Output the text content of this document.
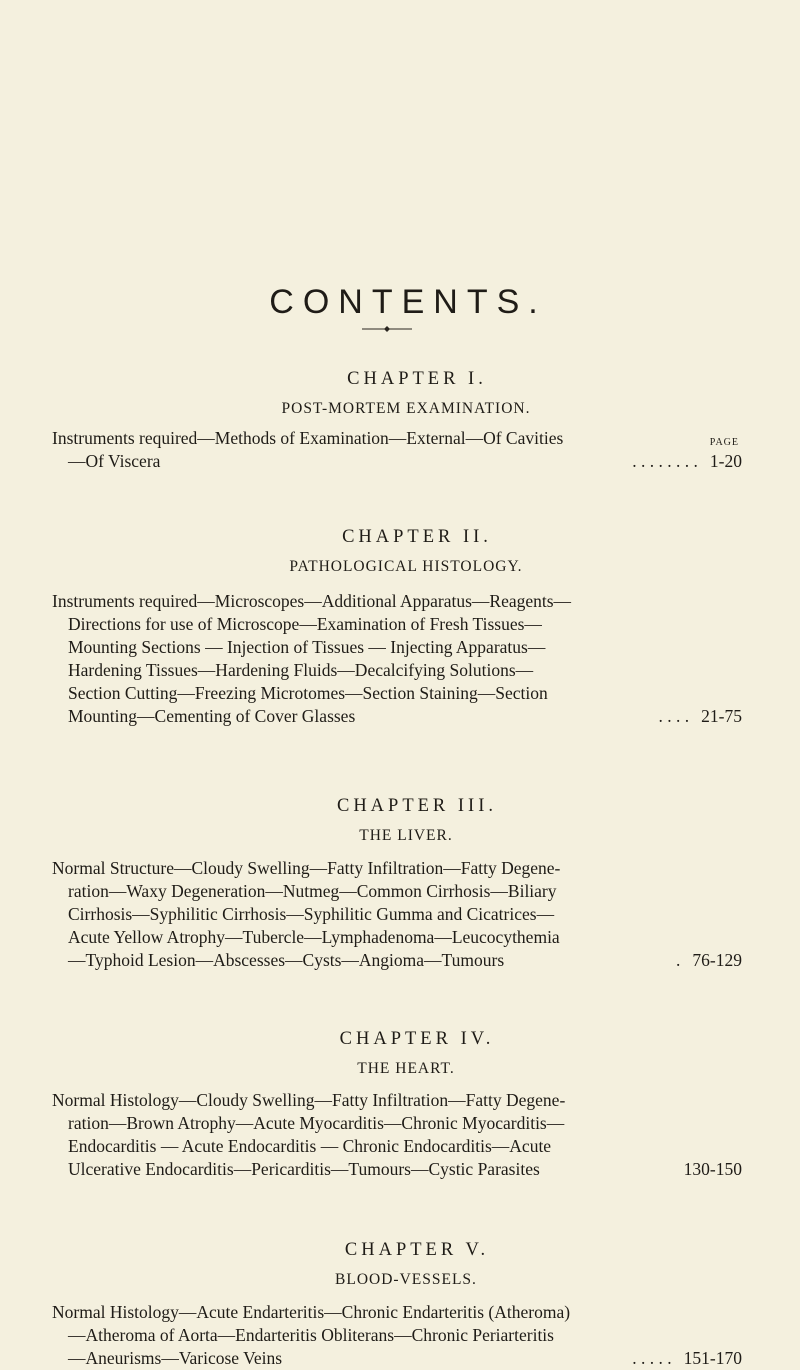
CONTENTS.
CHAPTER I.
POST-MORTEM EXAMINATION.
PAGE
Instruments required—Methods of Examination—External—Of Cavities
—Of Viscera	. . . . . . . . 1-20
CHAPTER II.
PATHOLOGICAL HISTOLOGY.
Instruments required—Microscopes—Additional Apparatus—Reagents—
Directions for use of Microscope—Examination of Fresh Tissues—
Mounting Sections — Injection of Tissues — Injecting Apparatus—
Hardening Tissues—Hardening Fluids—Decalcifying Solutions—
Section Cutting—Freezing Microtomes—Section Staining—Section
Mounting—Cementing of Cover Glasses	. . . . 21-75
CHAPTER III.
THE LIVER.
Normal Structure—Cloudy Swelling—Fatty Infiltration—Fatty Degene-
ration—Waxy Degeneration—Nutmeg—Common Cirrhosis—Biliary
Cirrhosis—Syphilitic Cirrhosis—Syphilitic Gumma and Cicatrices—
Acute Yellow Atrophy—Tubercle—Lymphadenoma—Leucocythemia
—Typhoid Lesion—Abscesses—Cysts—Angioma—Tumours	. 76-129
CHAPTER IV.
THE HEART.
Normal Histology—Cloudy Swelling—Fatty Infiltration—Fatty Degene-
ration—Brown Atrophy—Acute Myocarditis—Chronic Myocarditis—
Endocarditis — Acute Endocarditis — Chronic Endocarditis—Acute
Ulcerative Endocarditis—Pericarditis—Tumours—Cystic Parasites	130-150
CHAPTER V.
BLOOD-VESSELS.
Normal Histology—Acute Endarteritis—Chronic Endarteritis (Atheroma)
—Atheroma of Aorta—Endarteritis Obliterans—Chronic Periarteritis
—Aneurisms—Varicose Veins	. . . . . 151-170
